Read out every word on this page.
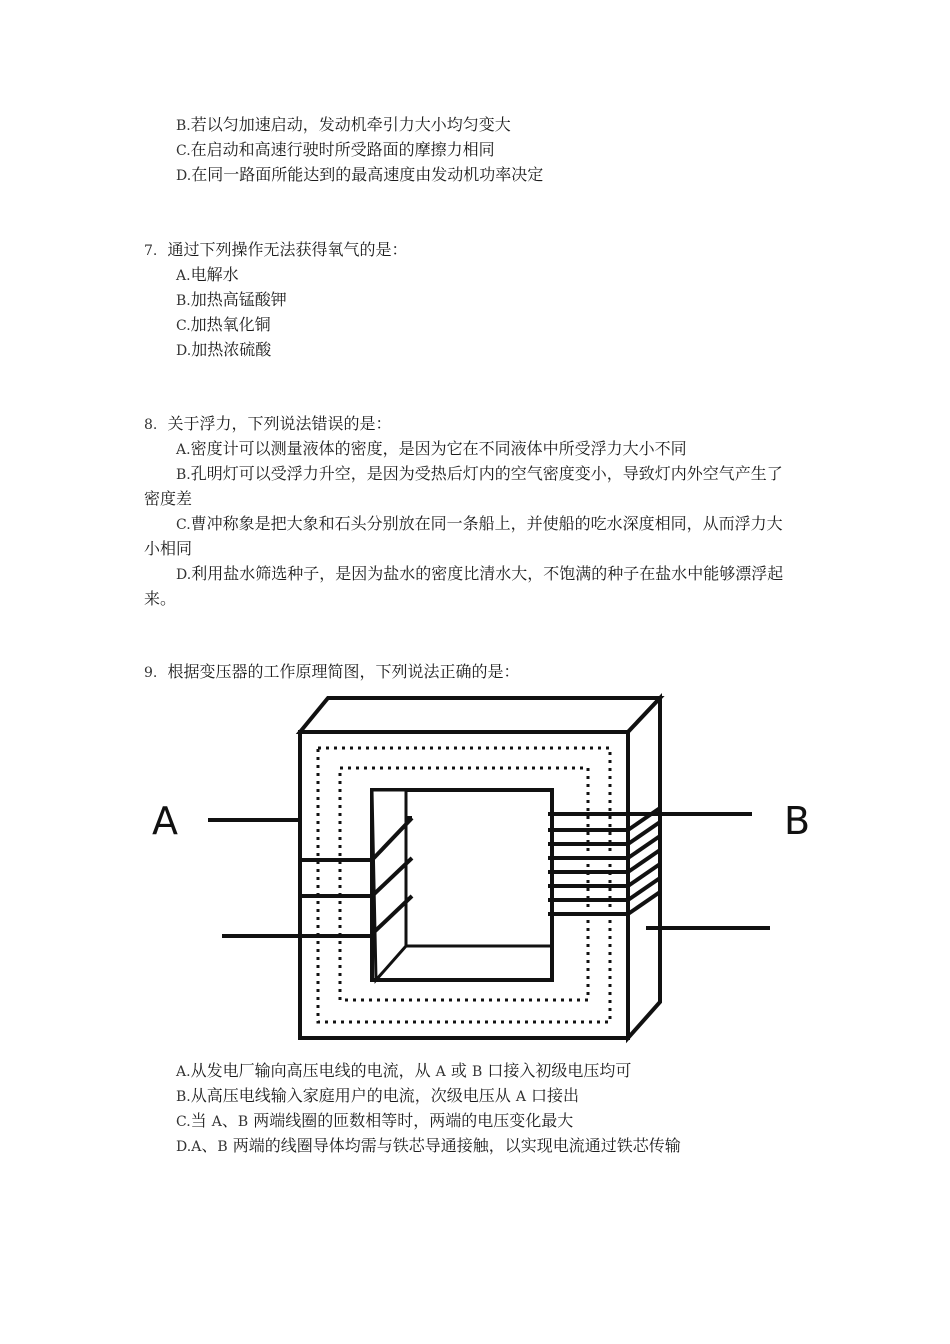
B.若以匀加速启动，发动机牵引力大小均匀变大
C.在启动和高速行驶时所受路面的摩擦力相同
D.在同一路面所能达到的最高速度由发动机功率决定
7. 通过下列操作无法获得氧气的是：
A.电解水
B.加热高锰酸钾
C.加热氧化铜
D.加热浓硫酸
8. 关于浮力，下列说法错误的是：
A.密度计可以测量液体的密度，是因为它在不同液体中所受浮力大小不同
B.孔明灯可以受浮力升空，是因为受热后灯内的空气密度变小，导致灯内外空气产生了
密度差
C.曹冲称象是把大象和石头分别放在同一条船上，并使船的吃水深度相同，从而浮力大
小相同
D.利用盐水筛选种子，是因为盐水的密度比清水大，不饱满的种子在盐水中能够漂浮起
来。
9. 根据变压器的工作原理简图，下列说法正确的是：
A	B
A.从发电厂输向高压电线的电流，从 A 或 B 口接入初级电压均可
B.从高压电线输入家庭用户的电流，次级电压从 A 口接出
C.当 A、B 两端线圈的匝数相等时，两端的电压变化最大
D.A、B 两端的线圈导体均需与铁芯导通接触，以实现电流通过铁芯传输
